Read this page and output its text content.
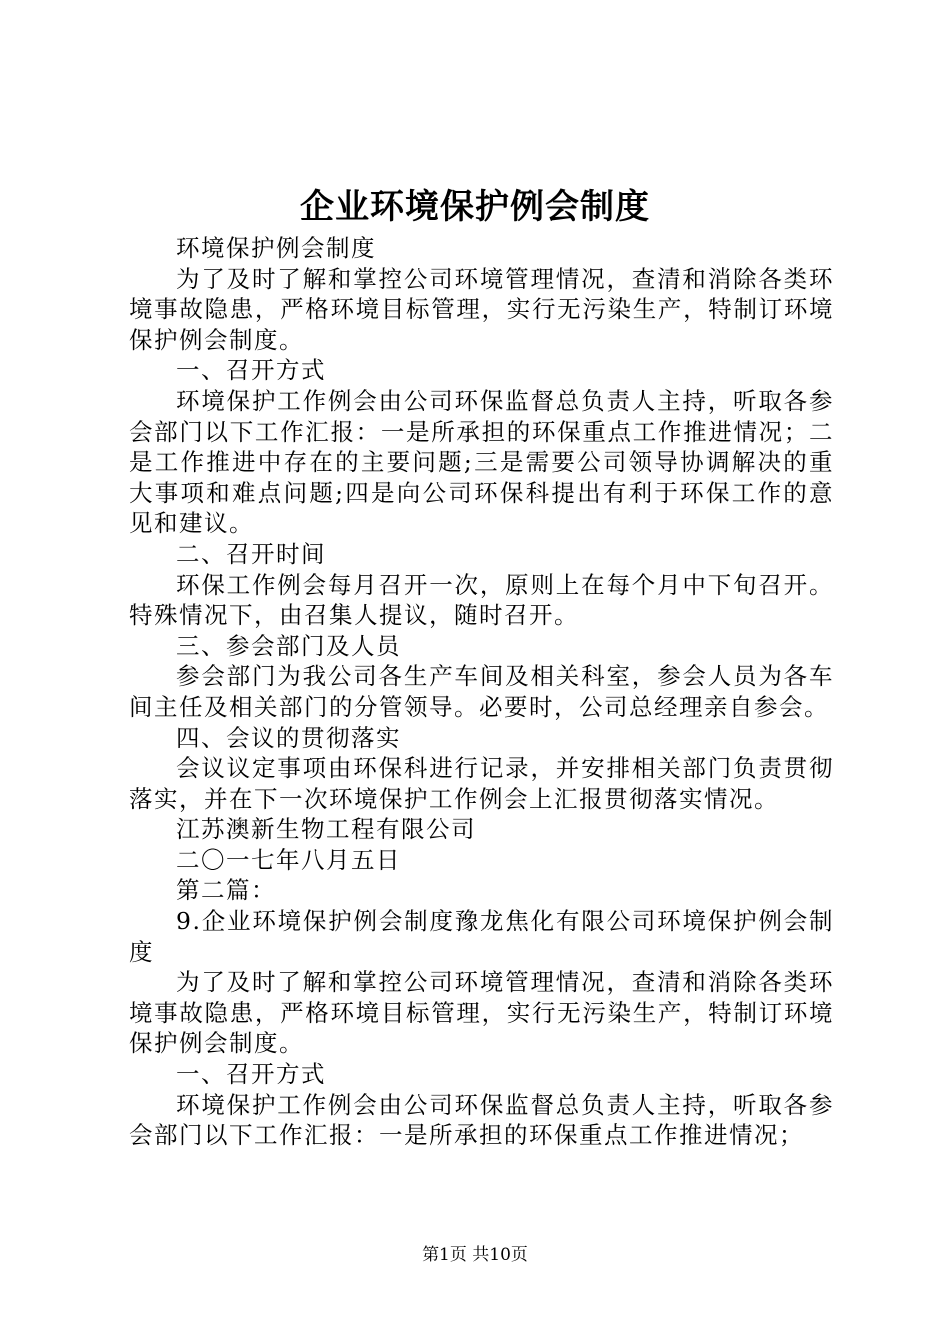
企业环境保护例会制度

环境保护例会制度

为了及时了解和掌控公司环境管理情况，查清和消除各类环境事故隐患，严格环境目标管理，实行无污染生产，特制订环境保护例会制度。

一、召开方式

环境保护工作例会由公司环保监督总负责人主持，听取各参会部门以下工作汇报：一是所承担的环保重点工作推进情况；二是工作推进中存在的主要问题;三是需要公司领导协调解决的重大事项和难点问题;四是向公司环保科提出有利于环保工作的意见和建议。

二、召开时间

环保工作例会每月召开一次，原则上在每个月中下旬召开。特殊情况下，由召集人提议，随时召开。

三、参会部门及人员

参会部门为我公司各生产车间及相关科室，参会人员为各车间主任及相关部门的分管领导。必要时，公司总经理亲自参会。

四、会议的贯彻落实

会议议定事项由环保科进行记录，并安排相关部门负责贯彻落实，并在下一次环境保护工作例会上汇报贯彻落实情况。

江苏澳新生物工程有限公司

二〇一七年八月五日

第二篇：

9.企业环境保护例会制度豫龙焦化有限公司环境保护例会制度

为了及时了解和掌控公司环境管理情况，查清和消除各类环境事故隐患，严格环境目标管理，实行无污染生产，特制订环境保护例会制度。

一、召开方式

环境保护工作例会由公司环保监督总负责人主持，听取各参会部门以下工作汇报：一是所承担的环保重点工作推进情况；

第1页 共10页
